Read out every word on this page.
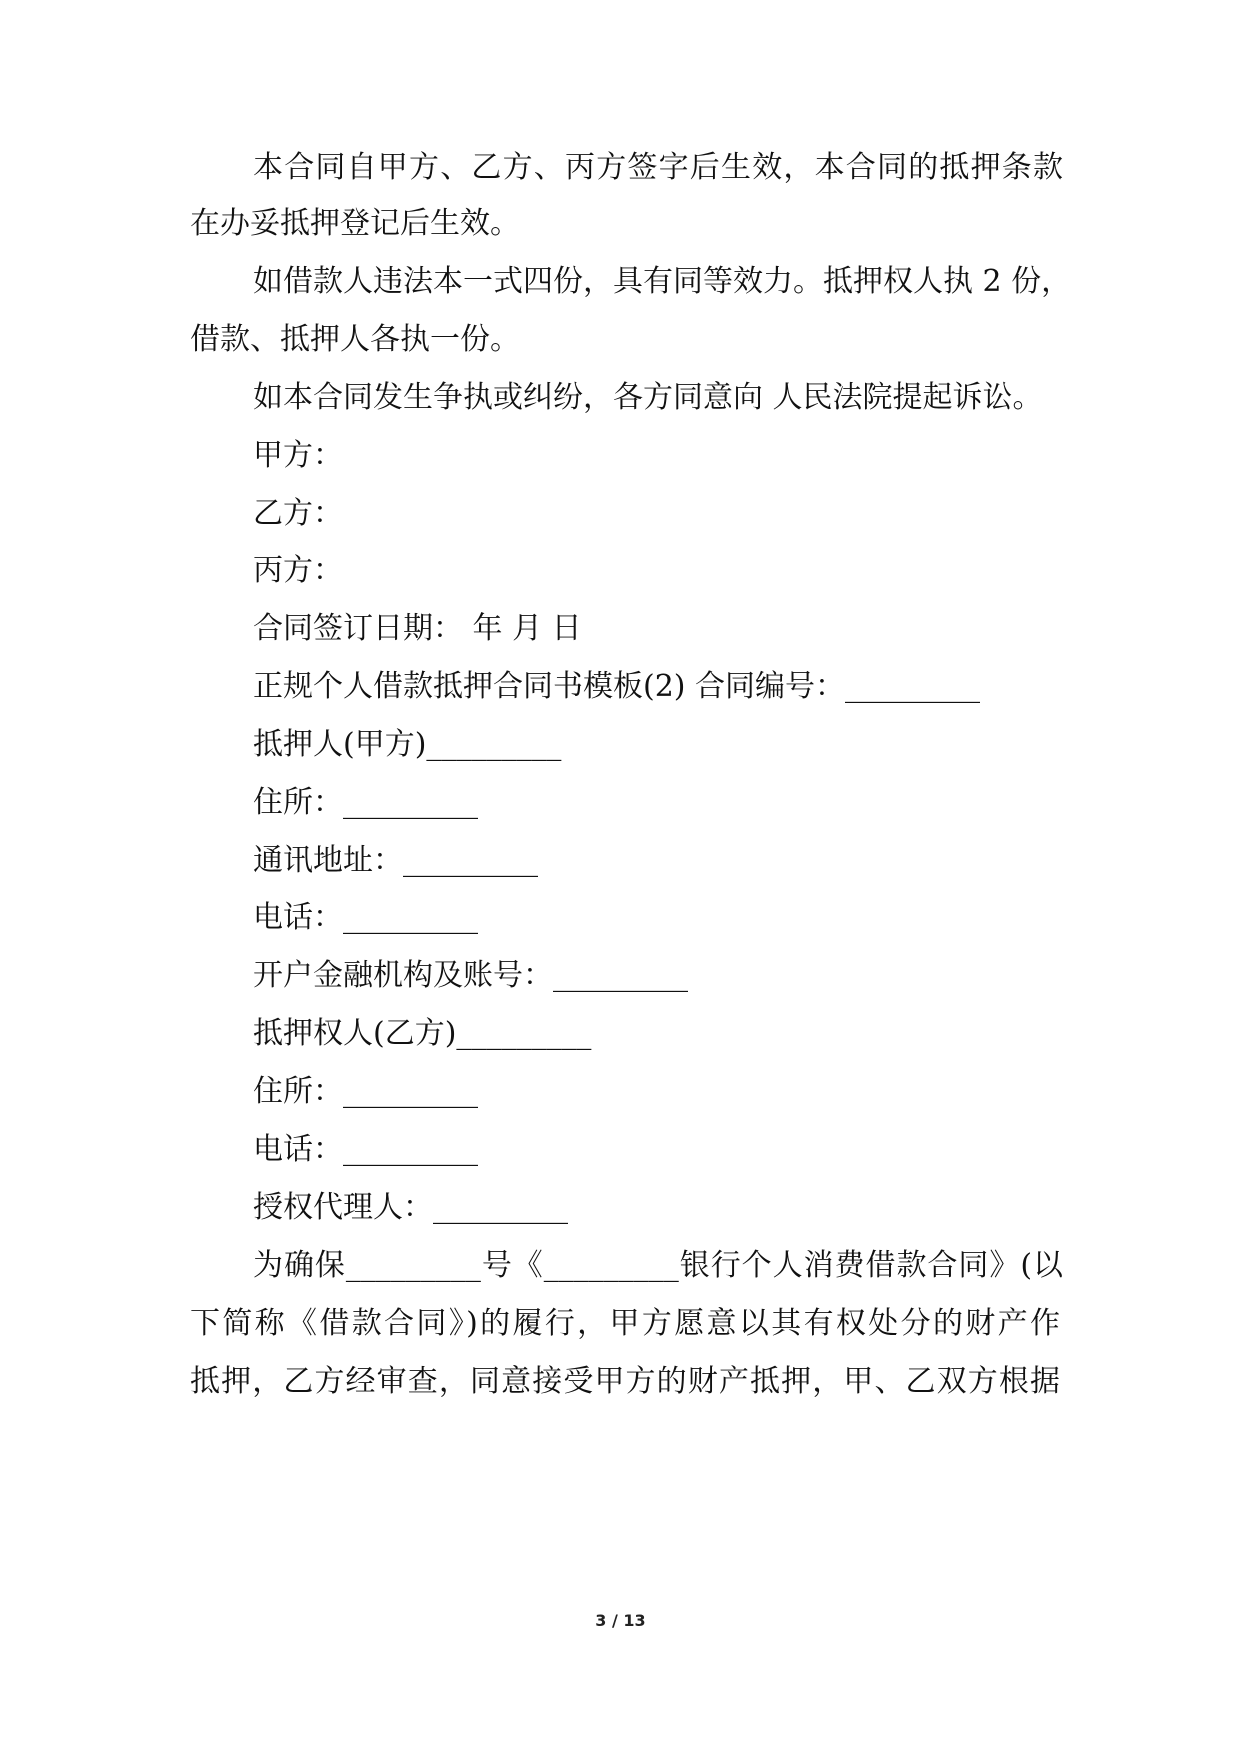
本合同自甲方、乙方、丙方签字后生效，本合同的抵押条款
在办妥抵押登记后生效。
如借款人违法本一式四份，具有同等效力。抵押权人执 2 份，
借款、抵押人各执一份。
如本合同发生争执或纠纷，各方同意向 人民法院提起诉讼。
甲方：
乙方：
丙方：
合同签订日期： 年 月 日
正规个人借款抵押合同书模板(2) 合同编号：_________
抵押人(甲方)_________
住所：_________
通讯地址：_________
电话：_________
开户金融机构及账号：_________
抵押权人(乙方)_________
住所：_________
电话：_________
授权代理人：_________
为确保_________号《_________银行个人消费借款合同》(以
下简称《借款合同》)的履行，甲方愿意以其有权处分的财产作
抵押，乙方经审查，同意接受甲方的财产抵押，甲、乙双方根据
3 / 13
